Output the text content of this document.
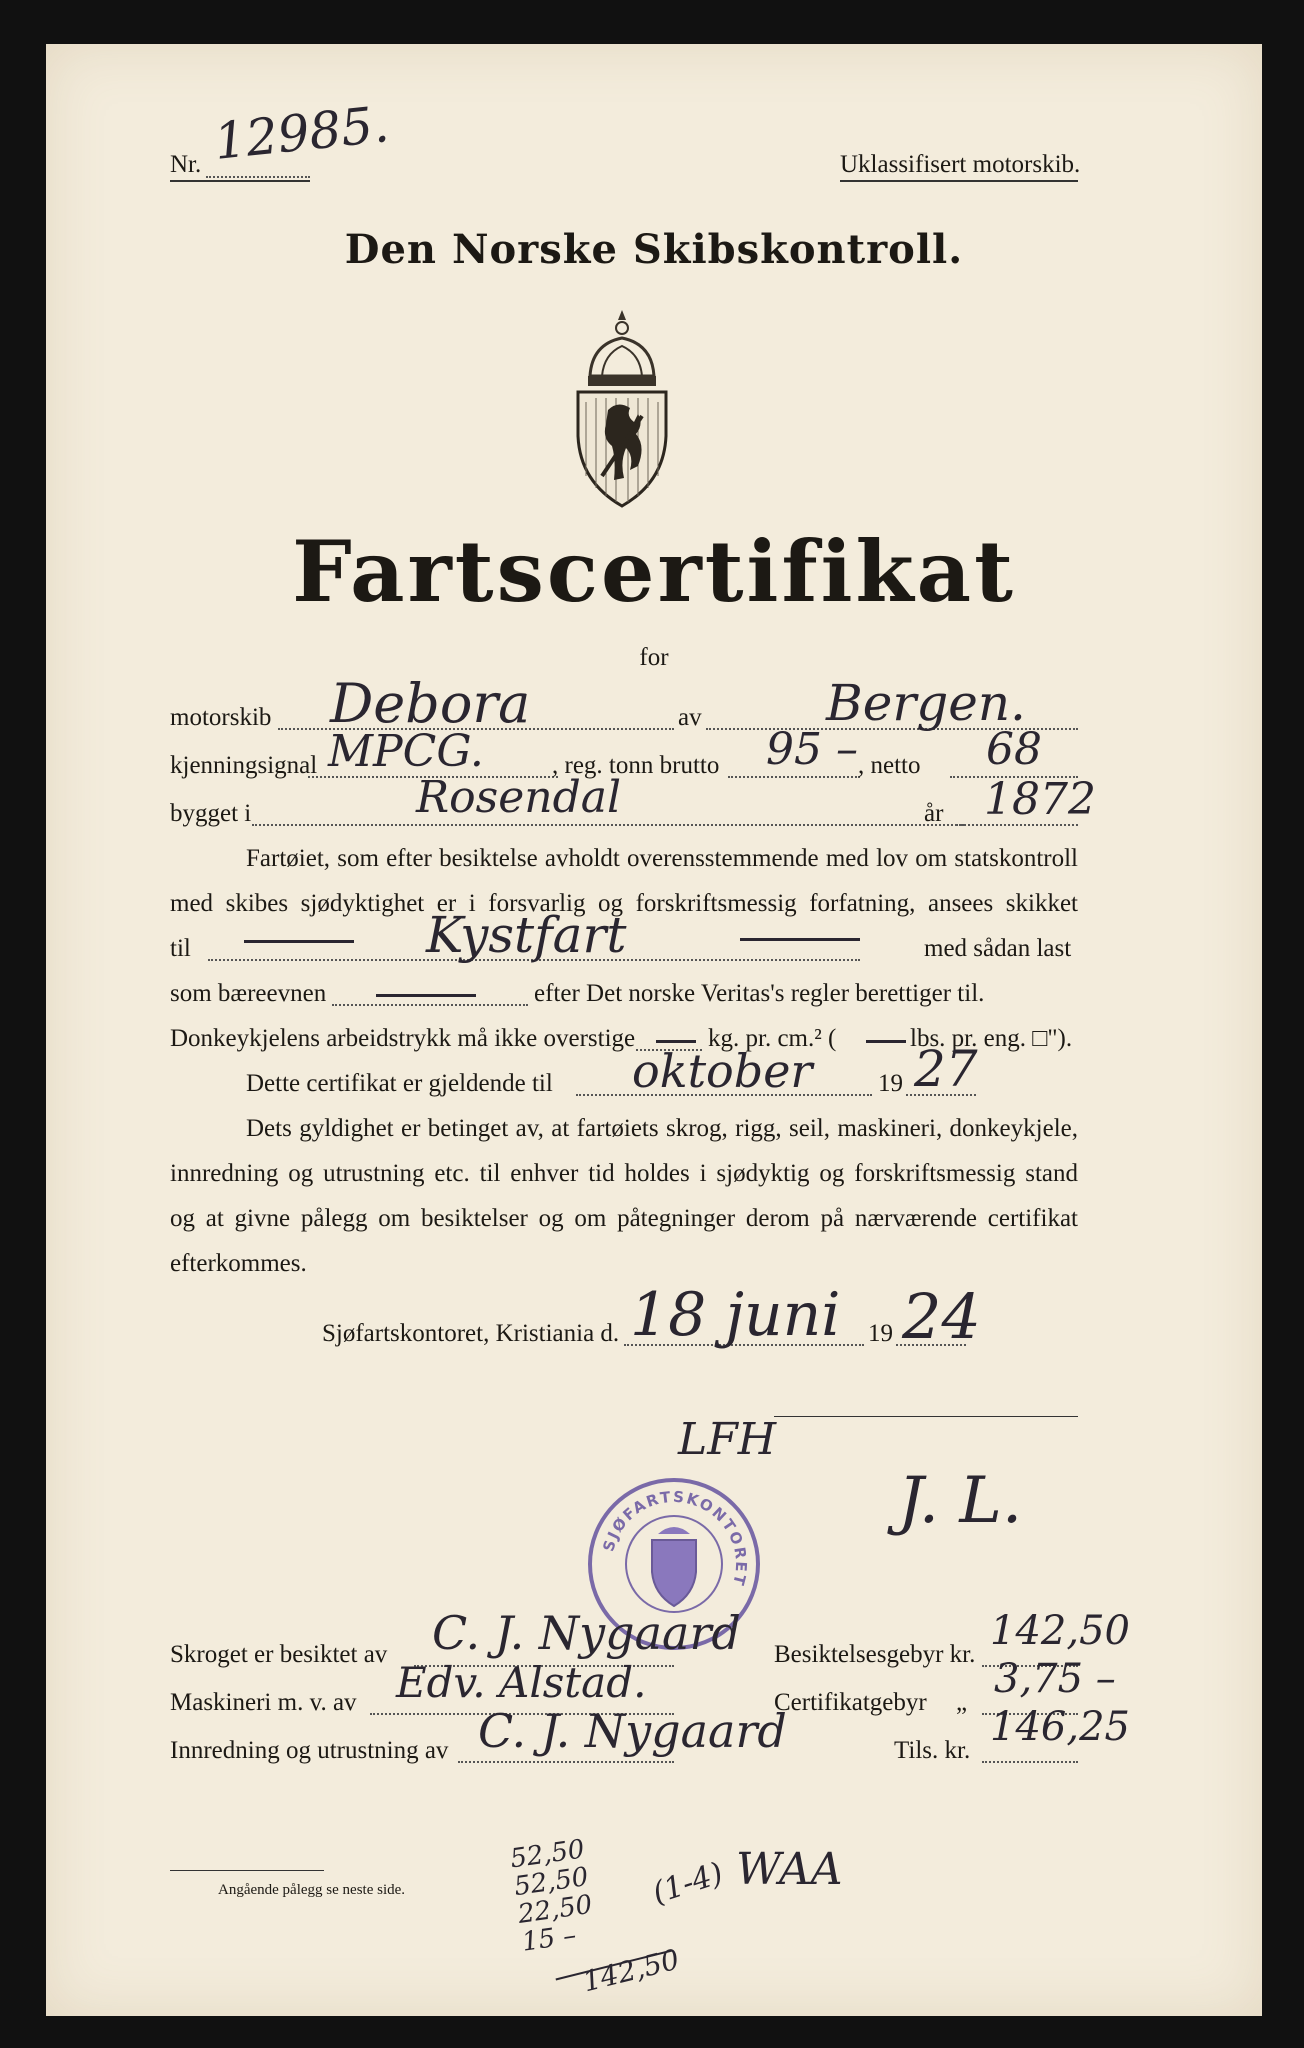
Nr. 12985.	Uklassifisert motorskib.
Den Norske Skibskontroll.
Fartscertifikat
for
motorskib Debora	av Bergen.
kjenningsignal MPCG.	, reg. tonn brutto 95 – , netto 68
bygget i	Rosendal	år 1872
Fartøiet, som efter besiktelse avholdt overensstemmende med lov om statskontroll
med skibes sjødyktighet er i forsvarlig og forskriftsmessig forfatning, ansees skikket
til	Kystfart	med sådan last
som bæreevnen	efter Det norske Veritas's regler berettiger til.
Donkeykjelens arbeidstrykk må ikke overstige	kg. pr. cm.² (	lbs. pr. eng. □").
Dette certifikat er gjeldende til oktober	19 27
Dets gyldighet er betinget av, at fartøiets skrog, rigg, seil, maskineri, donkeykjele,
innredning og utrustning etc. til enhver tid holdes i sjødyktig og forskriftsmessig stand
og at givne pålegg om besiktelser og om påtegninger derom på nærværende certifikat
efterkommes.
Sjøfartskontoret, Kristiania d. 18 juni 19 24
LFH
SJØFARTSKONTORET
J. L.
Skroget er besiktet av C. J. Nygaard
Maskineri m. v. av Edv. Alstad.
Innredning og utrustning av C. J. Nygaard
Besiktelsesgebyr kr.
142,50
Certifikatgebyr „
3,75 –
Tils. kr.
146,25
Angående pålegg se neste side.
52,50
52,50
22,50
15 –
142,50
(1-4) WAA
